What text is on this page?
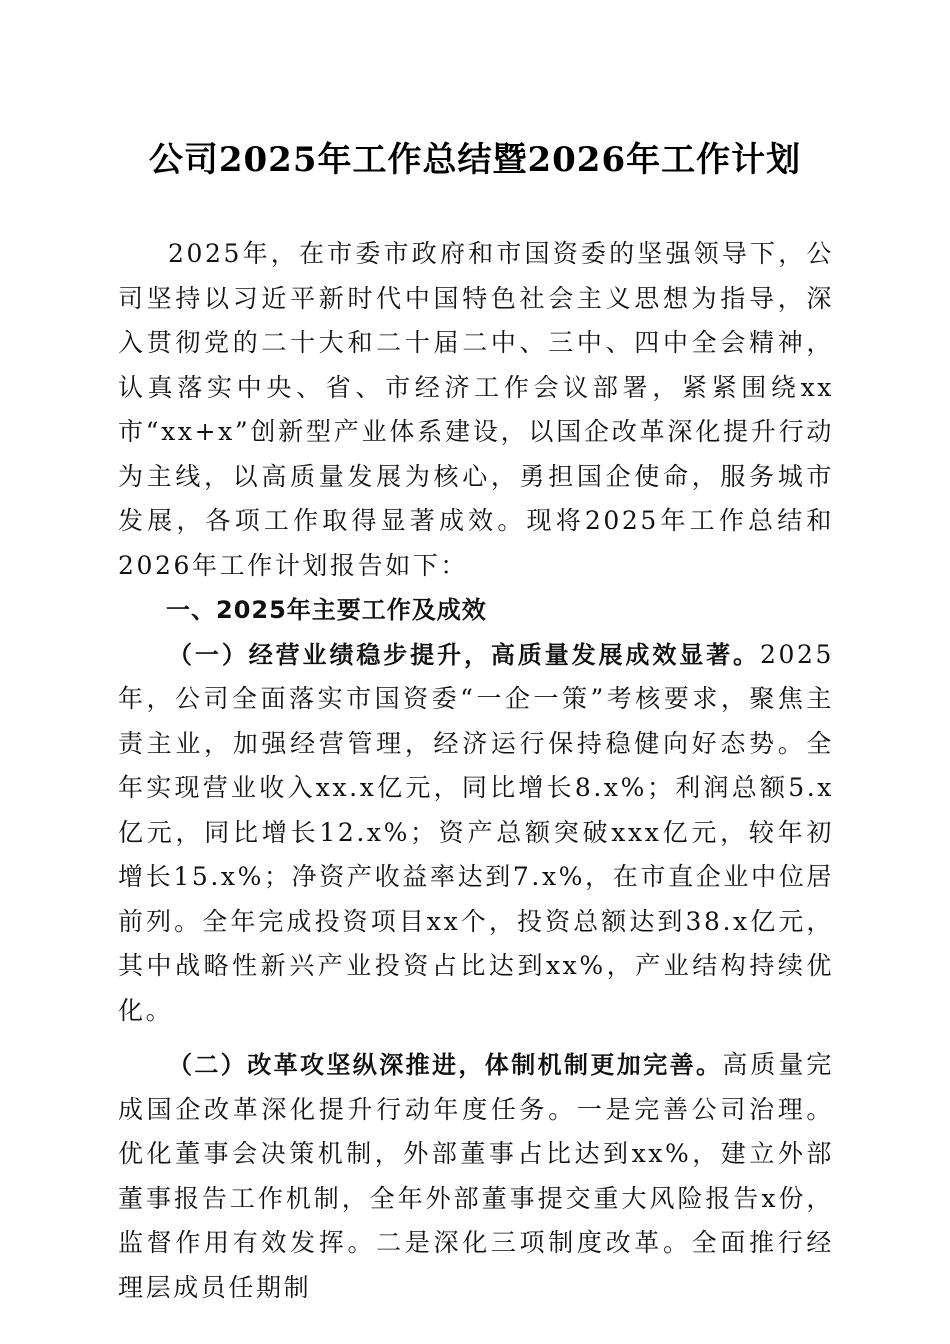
公司2025年工作总结暨2026年工作计划

2025年，在市委市政府和市国资委的坚强领导下，公司坚持以习近平新时代中国特色社会主义思想为指导，深入贯彻党的二十大和二十届二中、三中、四中全会精神，认真落实中央、省、市经济工作会议部署，紧紧围绕xx市“xx+x”创新型产业体系建设，以国企改革深化提升行动为主线，以高质量发展为核心，勇担国企使命，服务城市发展，各项工作取得显著成效。现将2025年工作总结和2026年工作计划报告如下：

一、2025年主要工作及成效

（一）经营业绩稳步提升，高质量发展成效显著。2025年，公司全面落实市国资委“一企一策”考核要求，聚焦主责主业，加强经营管理，经济运行保持稳健向好态势。全年实现营业收入xx.x亿元，同比增长8.x%；利润总额5.x亿元，同比增长12.x%；资产总额突破xxx亿元，较年初增长15.x%；净资产收益率达到7.x%，在市直企业中位居前列。全年完成投资项目xx个，投资总额达到38.x亿元，其中战略性新兴产业投资占比达到xx%，产业结构持续优化。

（二）改革攻坚纵深推进，体制机制更加完善。高质量完成国企改革深化提升行动年度任务。一是完善公司治理。优化董事会决策机制，外部董事占比达到xx%，建立外部董事报告工作机制，全年外部董事提交重大风险报告x份，监督作用有效发挥。二是深化三项制度改革。全面推行经理层成员任期制
